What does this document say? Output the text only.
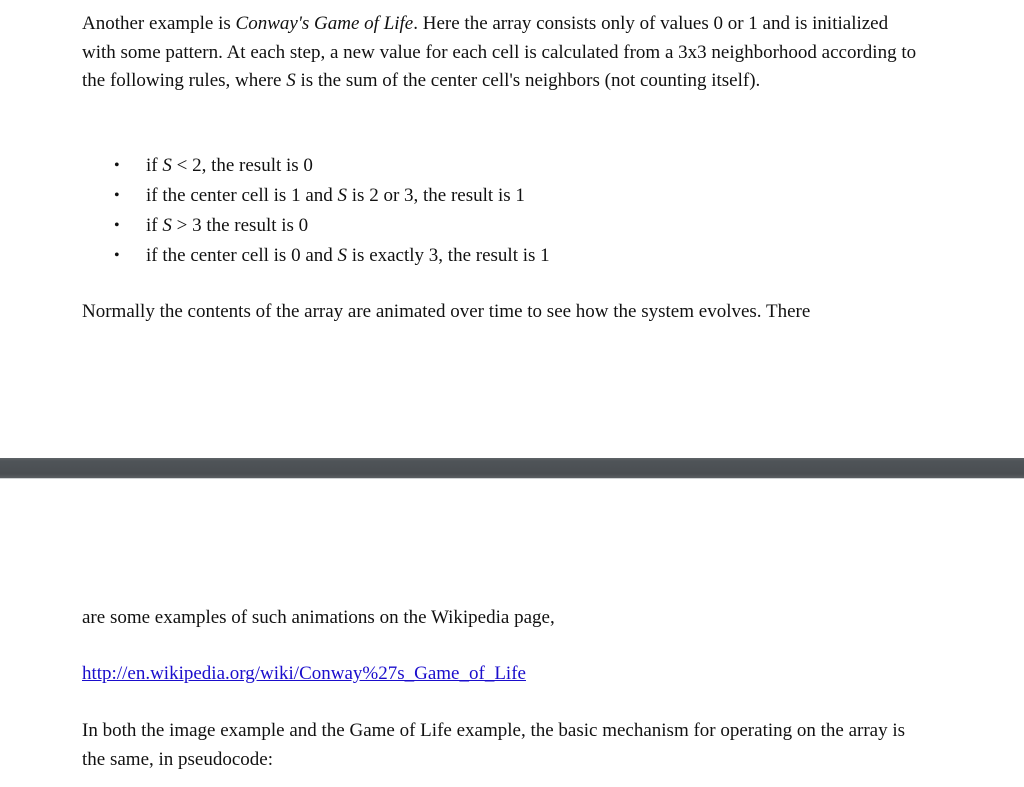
Another example is Conway's Game of Life. Here the array consists only of values 0 or 1 and is initialized with some pattern. At each step, a new value for each cell is calculated from a 3x3 neighborhood according to the following rules, where S is the sum of the center cell's neighbors (not counting itself).

• if S < 2, the result is 0
• if the center cell is 1 and S is 2 or 3, the result is 1
• if S > 3 the result is 0
• if the center cell is 0 and S is exactly 3, the result is 1

Normally the contents of the array are animated over time to see how the system evolves. There

are some examples of such animations on the Wikipedia page,

http://en.wikipedia.org/wiki/Conway%27s_Game_of_Life

In both the image example and the Game of Life example, the basic mechanism for operating on the array is the same, in pseudocode:
